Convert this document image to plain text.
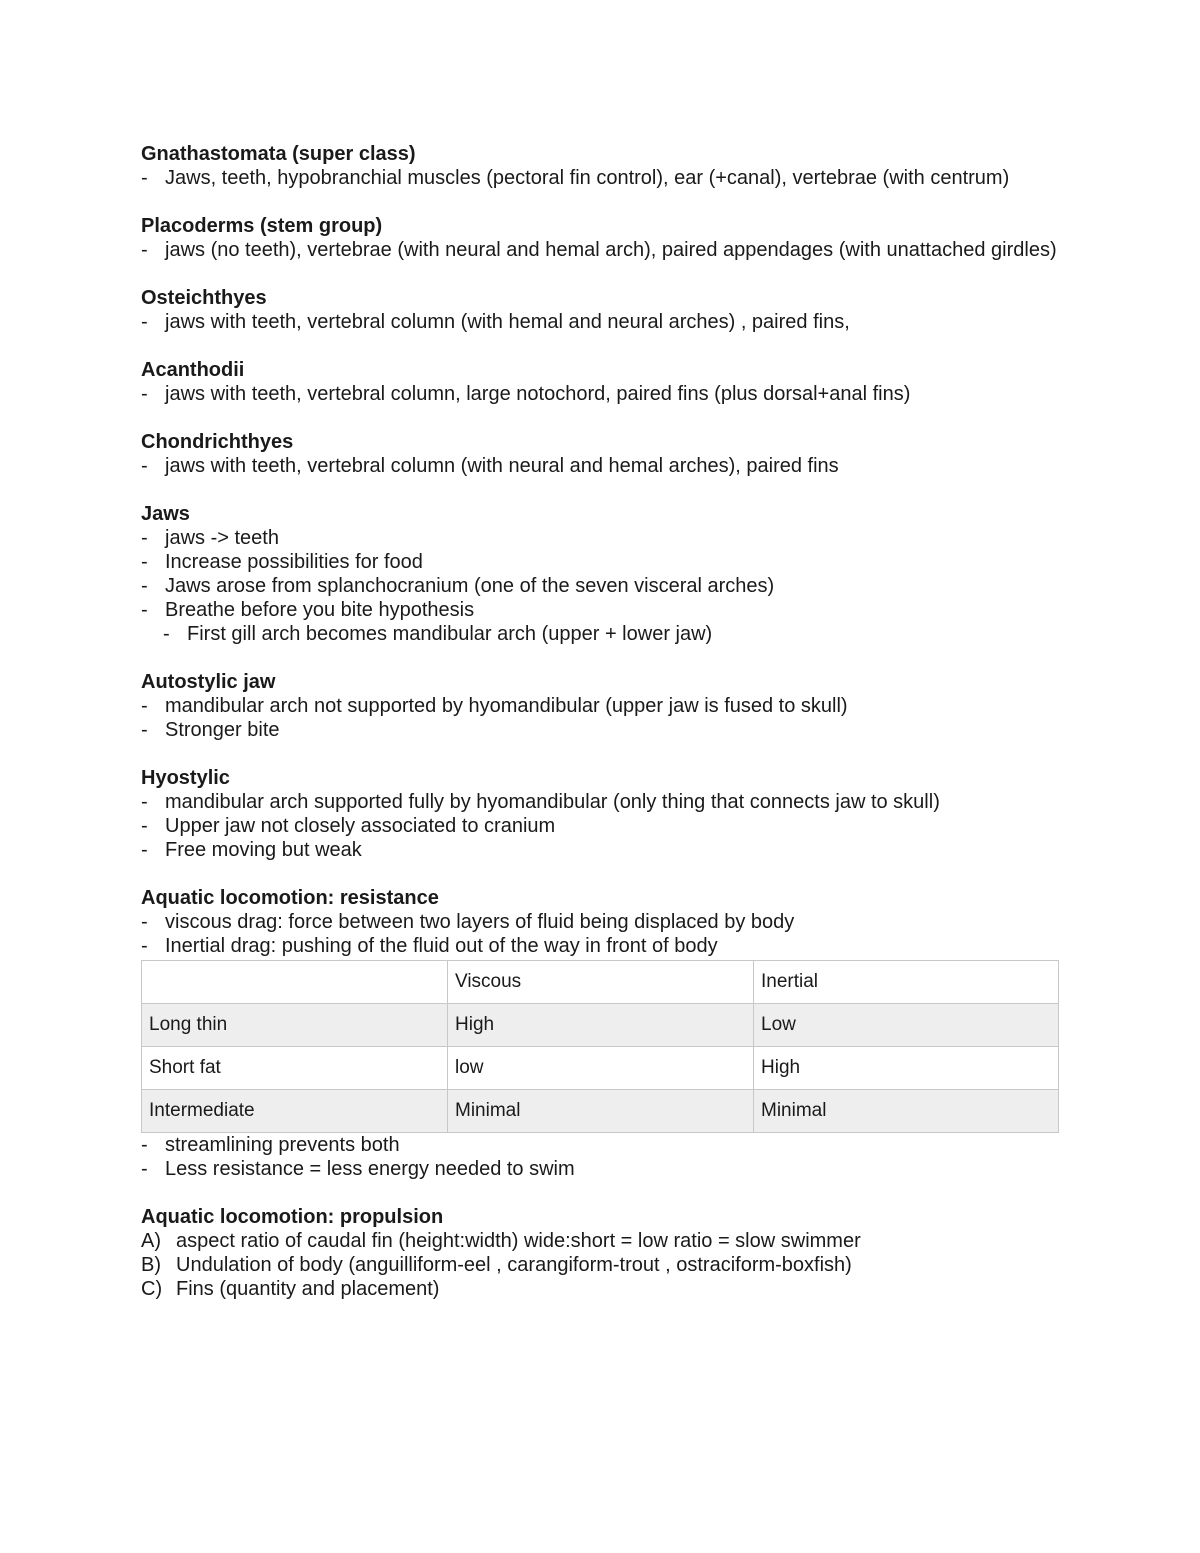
Gnathastomata (super class)
- Jaws, teeth, hypobranchial muscles (pectoral fin control), ear (+canal), vertebrae (with centrum)
Placoderms (stem group)
- jaws (no teeth), vertebrae (with neural and hemal arch), paired appendages (with unattached girdles)
Osteichthyes
- jaws with teeth, vertebral column (with hemal and neural arches) , paired fins,
Acanthodii
- jaws with teeth, vertebral column, large notochord, paired fins (plus dorsal+anal fins)
Chondrichthyes
- jaws with teeth, vertebral column (with neural and hemal arches), paired fins
Jaws
- jaws -> teeth
- Increase possibilities for food
- Jaws arose from splanchocranium (one of the seven visceral arches)
- Breathe before you bite hypothesis
- First gill arch becomes mandibular arch (upper + lower jaw)
Autostylic jaw
- mandibular arch not supported by hyomandibular (upper jaw is fused to skull)
- Stronger bite
Hyostylic
- mandibular arch supported fully by hyomandibular (only thing that connects jaw to skull)
- Upper jaw not closely associated to cranium
- Free moving but weak
Aquatic locomotion: resistance
- viscous drag: force between two layers of fluid being displaced by body
- Inertial drag: pushing of the fluid out of the way in front of body
	Viscous	Inertial
Long thin	High	Low
Short fat	low	High
Intermediate	Minimal	Minimal
- streamlining prevents both
- Less resistance = less energy needed to swim
Aquatic locomotion: propulsion
A) aspect ratio of caudal fin (height:width) wide:short = low ratio = slow swimmer
B) Undulation of body (anguilliform-eel , carangiform-trout , ostraciform-boxfish)
C) Fins (quantity and placement)
